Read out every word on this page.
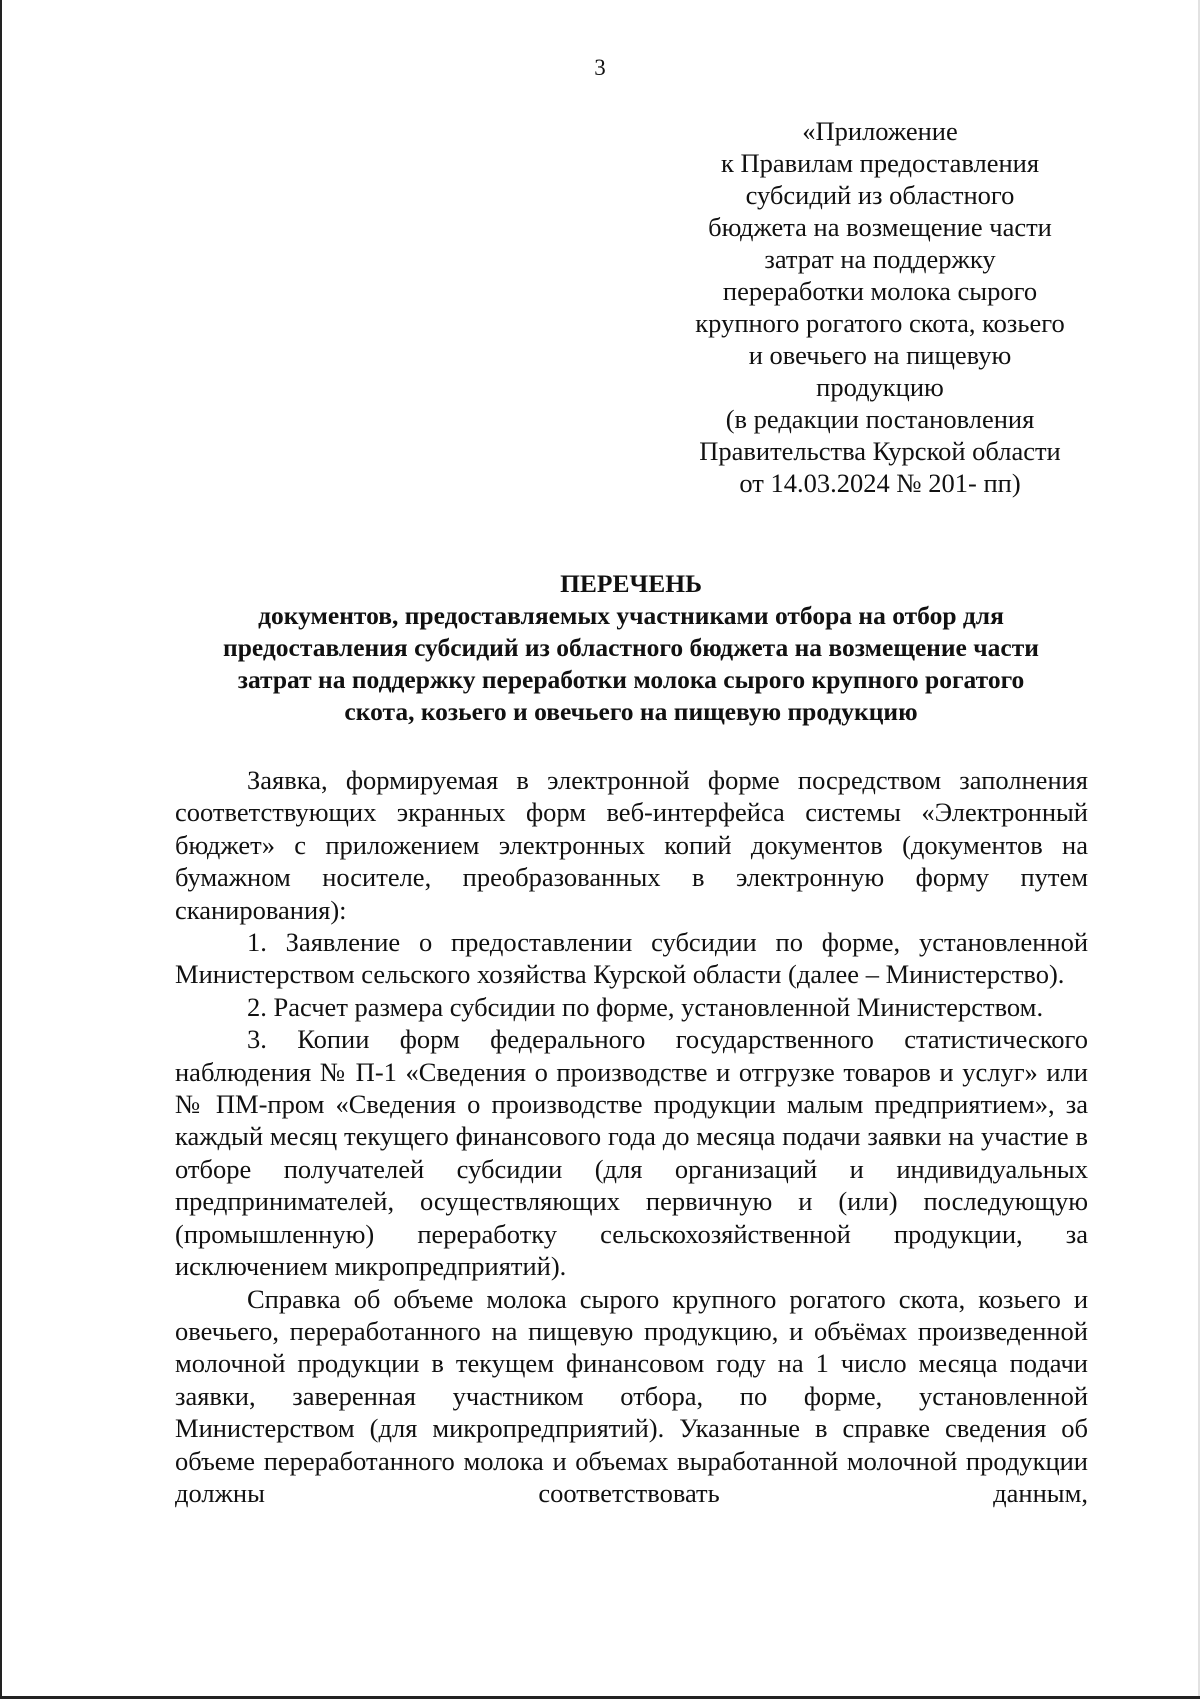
3
«Приложение
к Правилам предоставления
субсидий из областного
бюджета на возмещение части
затрат на поддержку
переработки молока сырого
крупного рогатого скота, козьего
и овечьего на пищевую
продукцию
(в редакции постановления
Правительства Курской области
от 14.03.2024 № 201- пп)
ПЕРЕЧЕНЬ
документов, предоставляемых участниками отбора на отбор для
предоставления субсидий из областного бюджета на возмещение части
затрат на поддержку переработки молока сырого крупного рогатого
скота, козьего и овечьего на пищевую продукцию

Заявка, формируемая в электронной форме посредством заполнения соответствующих экранных форм веб-интерфейса системы «Электронный бюджет» с приложением электронных копий документов (документов на бумажном носителе, преобразованных в электронную форму путем сканирования):

1. Заявление о предоставлении субсидии по форме, установленной Министерством сельского хозяйства Курской области (далее – Министерство).

2. Расчет размера субсидии по форме, установленной Министерством.

3. Копии форм федерального государственного статистического наблюдения № П-1 «Сведения о производстве и отгрузке товаров и услуг» или № ПМ-пром «Сведения о производстве продукции малым предприятием», за каждый месяц текущего финансового года до месяца подачи заявки на участие в отборе получателей субсидии (для организаций и индивидуальных предпринимателей, осуществляющих первичную и (или) последующую (промышленную) переработку сельскохозяйственной продукции, за исключением микропредприятий).

Справка об объеме молока сырого крупного рогатого скота, козьего и овечьего, переработанного на пищевую продукцию, и объёмах произведенной молочной продукции в текущем финансовом году на 1 число месяца подачи заявки, заверенная участником отбора, по форме, установленной Министерством (для микропредприятий). Указанные в справке сведения об объеме переработанного молока и объемах выработанной молочной продукции должны соответствовать данным,
